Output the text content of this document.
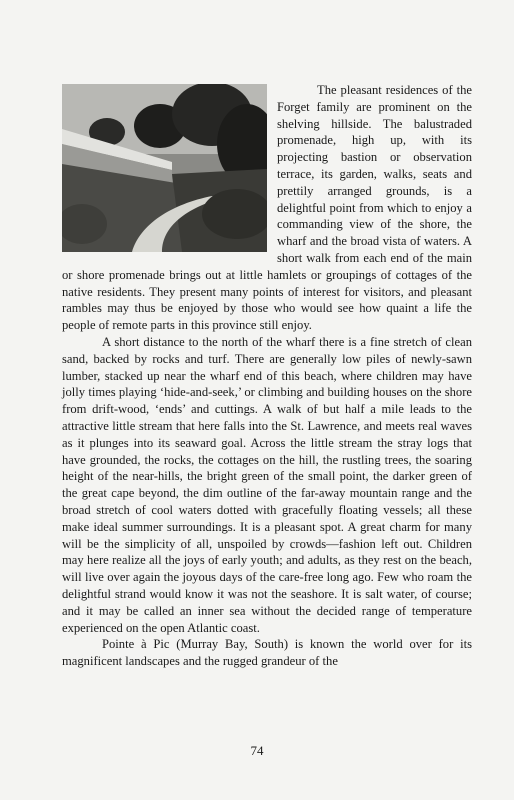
The pleasant residences of the Forget family are prominent on the shelving hillside. The balustraded promenade, high up, with its projecting bastion or observation terrace, its garden, walks, seats and prettily arranged grounds, is a delightful point from which to enjoy a commanding view of the shore, the wharf and the broad vista of waters. A short walk from each end of the main or shore promenade brings out at little hamlets or groupings of cottages of the native residents. They present many points of interest for visitors, and pleasant rambles may thus be enjoyed by those who would see how quaint a life the people of remote parts in this province still enjoy.

A short distance to the north of the wharf there is a fine stretch of clean sand, backed by rocks and turf. There are generally low piles of newly-sawn lumber, stacked up near the wharf end of this beach, where children may have jolly times playing ‘hide-and-seek,’ or climbing and building houses on the shore from drift-wood, ‘ends’ and cuttings. A walk of but half a mile leads to the attractive little stream that here falls into the St. Lawrence, and meets real waves as it plunges into its seaward goal. Across the little stream the stray logs that have grounded, the rocks, the cottages on the hill, the rustling trees, the soaring height of the near-hills, the bright green of the small point, the darker green of the great cape beyond, the dim outline of the far-away mountain range and the broad stretch of cool waters dotted with gracefully floating vessels; all these make ideal summer surroundings. It is a pleasant spot. A great charm for many will be the simplicity of all, unspoiled by crowds—fashion left out. Children may here realize all the joys of early youth; and adults, as they rest on the beach, will live over again the joyous days of the care-free long ago. Few who roam the delightful strand would know it was not the seashore. It is salt water, of course; and it may be called an inner sea without the decided range of temperature experienced on the open Atlantic coast.

Pointe à Pic (Murray Bay, South) is known the world over for its magnificent landscapes and the rugged grandeur of the

74
